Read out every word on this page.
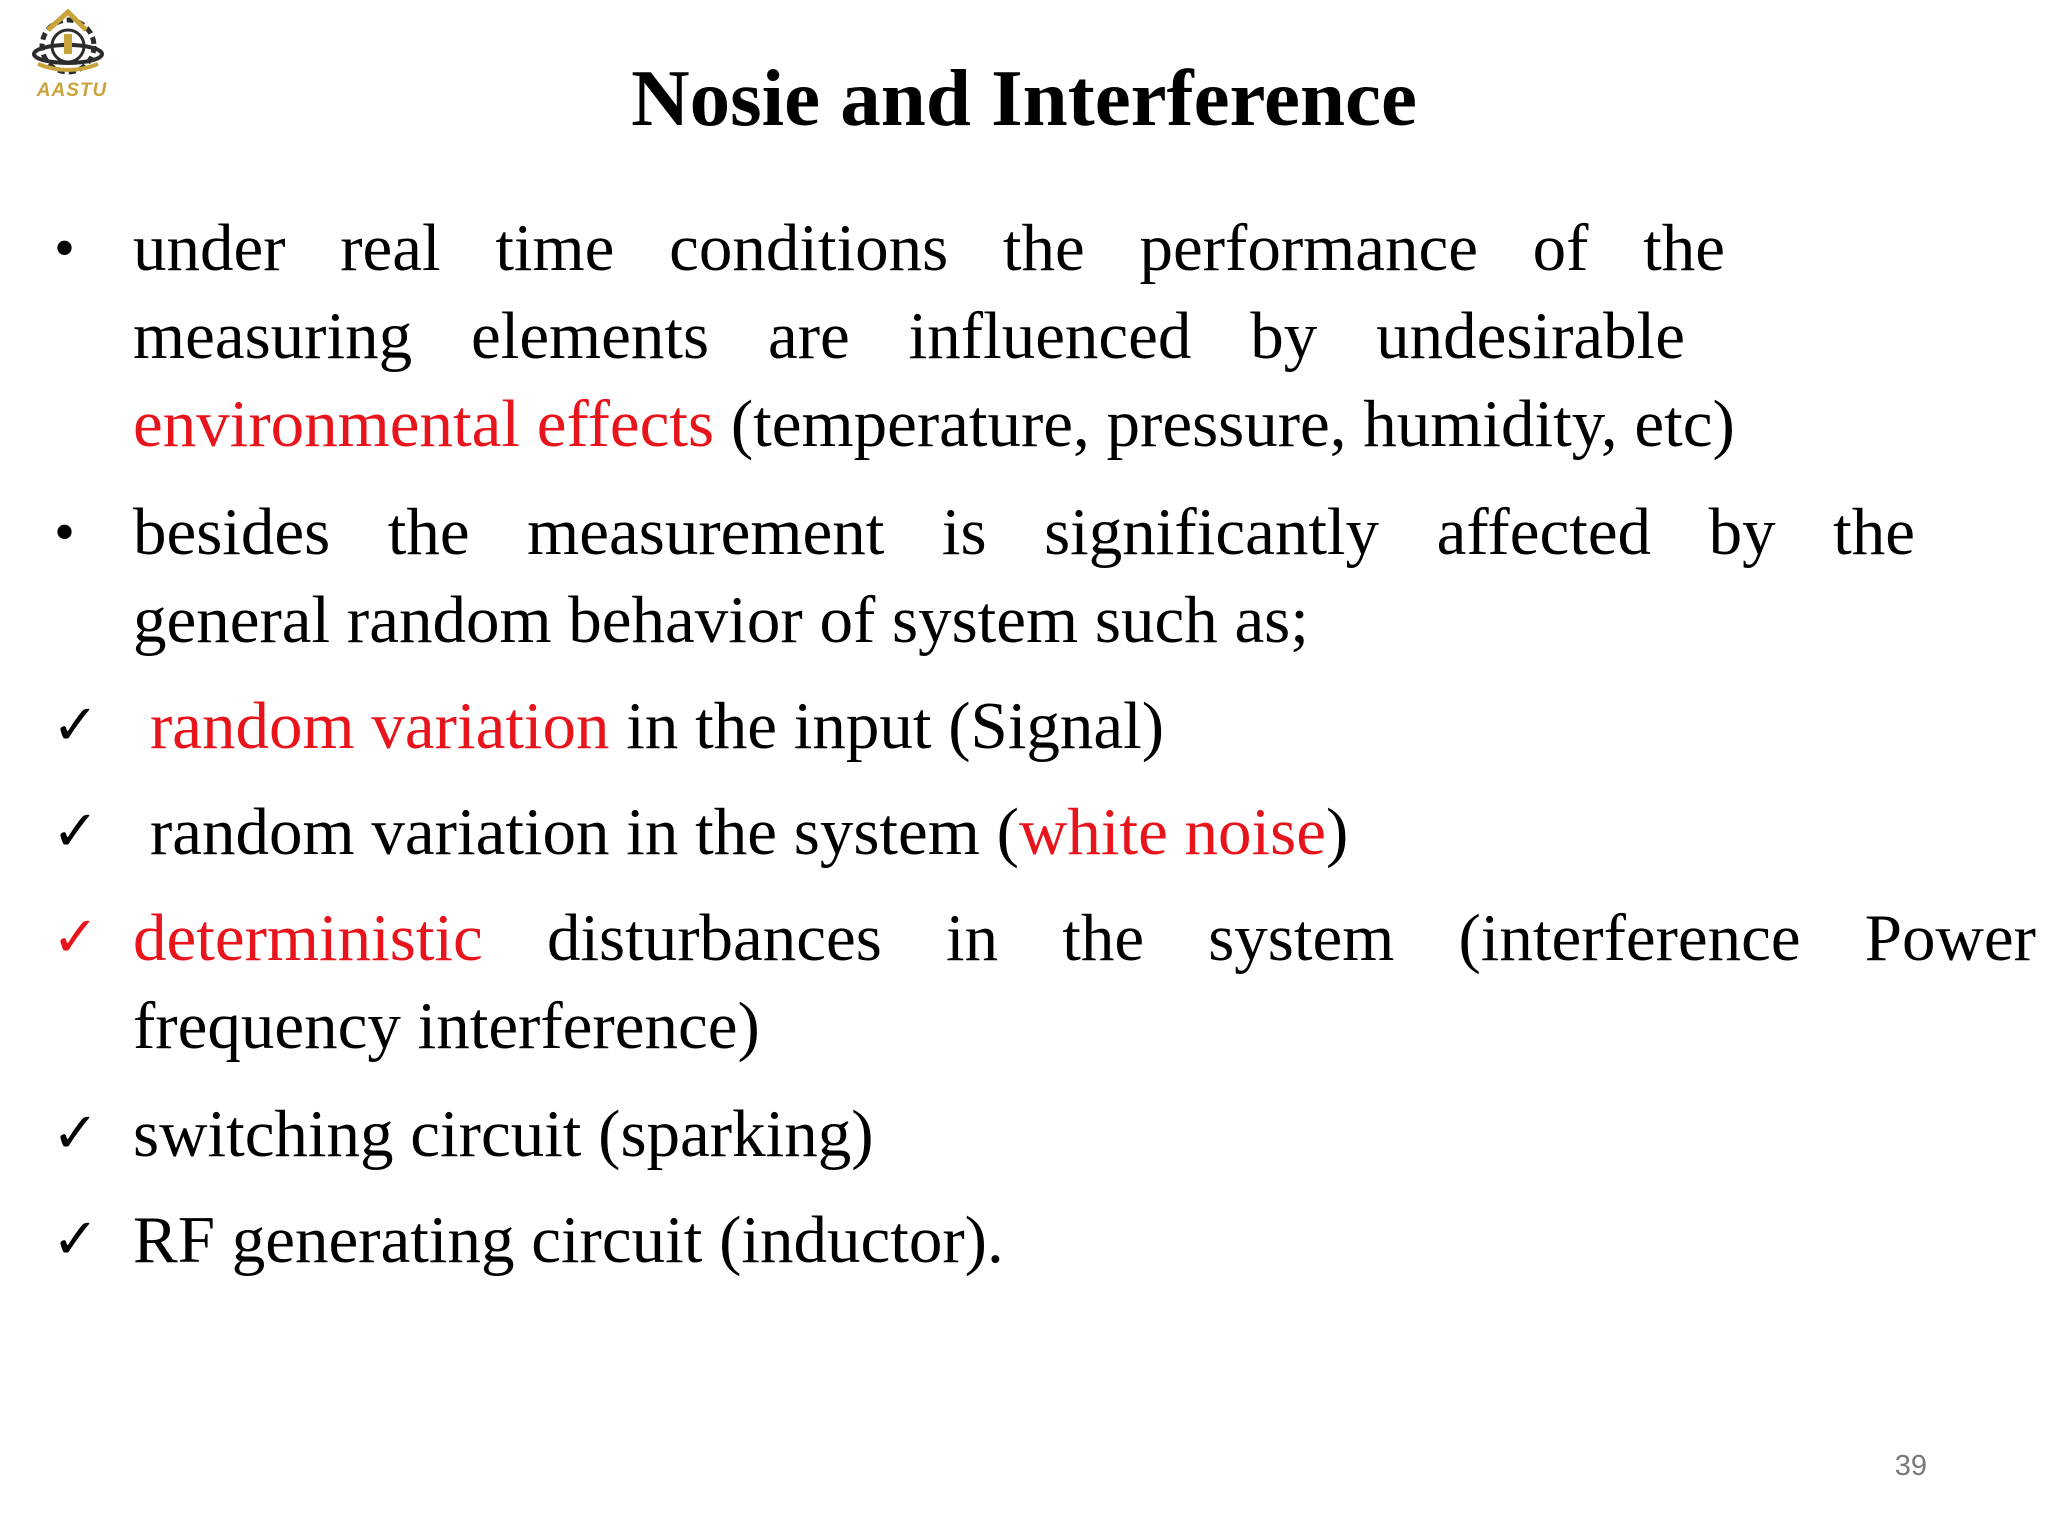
AASTU	Nosie and Interference
• under real time conditions the performance of the
measuring elements are influenced by undesirable
environmental effects (temperature, pressure, humidity, etc)
• besides the measurement is significantly affected by the
general random behavior of system such as;
✓ random variation in the input (Signal)
✓ random variation in the system (white noise)
✓ deterministic disturbances in the system (interference Power
frequency interference)
✓ switching circuit (sparking)
✓ RF generating circuit (inductor).
39
